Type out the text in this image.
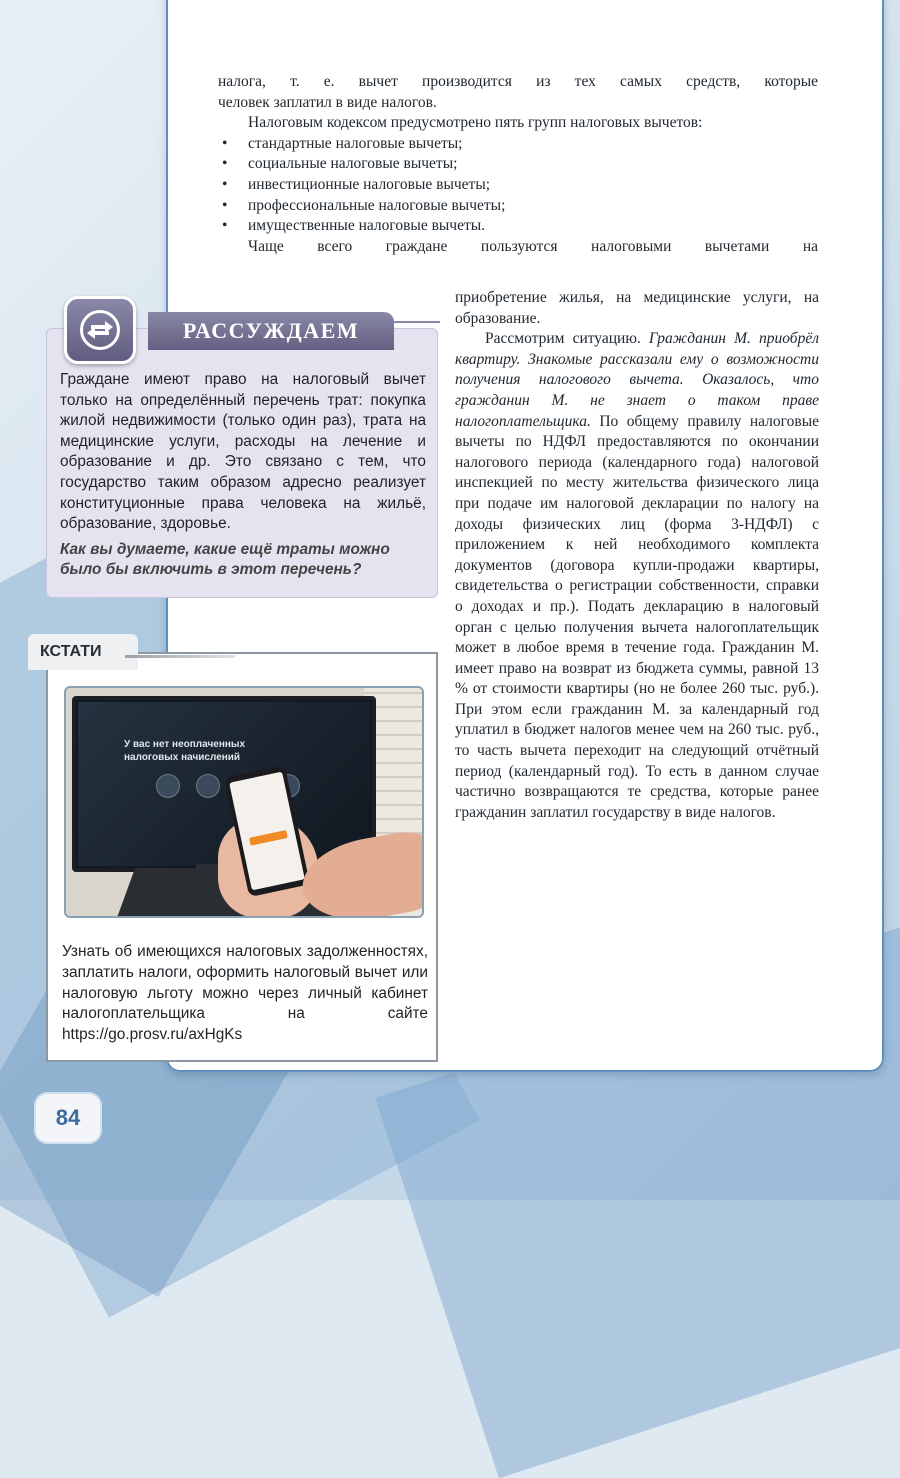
налога, т. е. вычет производится из тех самых средств, которые
человек заплатил в виде налогов.
Налоговым кодексом предусмотрено пять групп налоговых вычетов:
• стандартные налоговые вычеты;
• социальные налоговые вычеты;
• инвестиционные налоговые вычеты;
• профессиональные налоговые вычеты;
• имущественные налоговые вычеты.
Чаще всего граждане пользуются налоговыми вычетами на

приобретение жилья, на медицинские услуги, на образование.

Рассмотрим ситуацию. Гражданин М. приобрёл квартиру. Знакомые рассказали ему о возможности получения налогового вычета. Оказалось, что гражданин М. не знает о таком праве налогоплательщика. По общему правилу налоговые вычеты по НДФЛ предоставляются по окончании налогового периода (календарного года) налоговой инспекцией по месту жительства физического лица при подаче им налоговой декларации по налогу на доходы физических лиц (форма 3-НДФЛ) с приложением к ней необходимого комплекта документов (договора купли-продажи квартиры, свидетельства о регистрации собственности, справки о доходах и пр.). Подать декларацию в налоговый орган с целью получения вычета налогоплательщик может в любое время в течение года. Гражданин М. имеет право на возврат из бюджета суммы, равной 13 % от стоимости квартиры (но не более 260 тыс. руб.). При этом если гражданин М. за календарный год уплатил в бюджет налогов менее чем на 260 тыс. руб., то часть вычета переходит на следующий отчётный период (календарный год). То есть в данном случае частично возвращаются те средства, которые ранее гражданин заплатил государству в виде налогов.

РАССУЖДАЕМ

Граждане имеют право на налоговый вычет только на определённый перечень трат: покупка жилой недвижимости (только один раз), трата на медицинские услуги, расходы на лечение и образование и др. Это связано с тем, что государство таким образом адресно реализует конституционные права человека на жильё, образование, здоровье.

Как вы думаете, какие ещё траты можно было бы включить в этот перечень?

КСТАТИ
У вас нет неоплаченных налоговых начислений

Узнать об имеющихся налоговых задолженностях, заплатить налоги, оформить налоговый вычет или налоговую льготу можно через личный кабинет налогоплательщика на сайте https://go.prosv.ru/axHgKs

84
